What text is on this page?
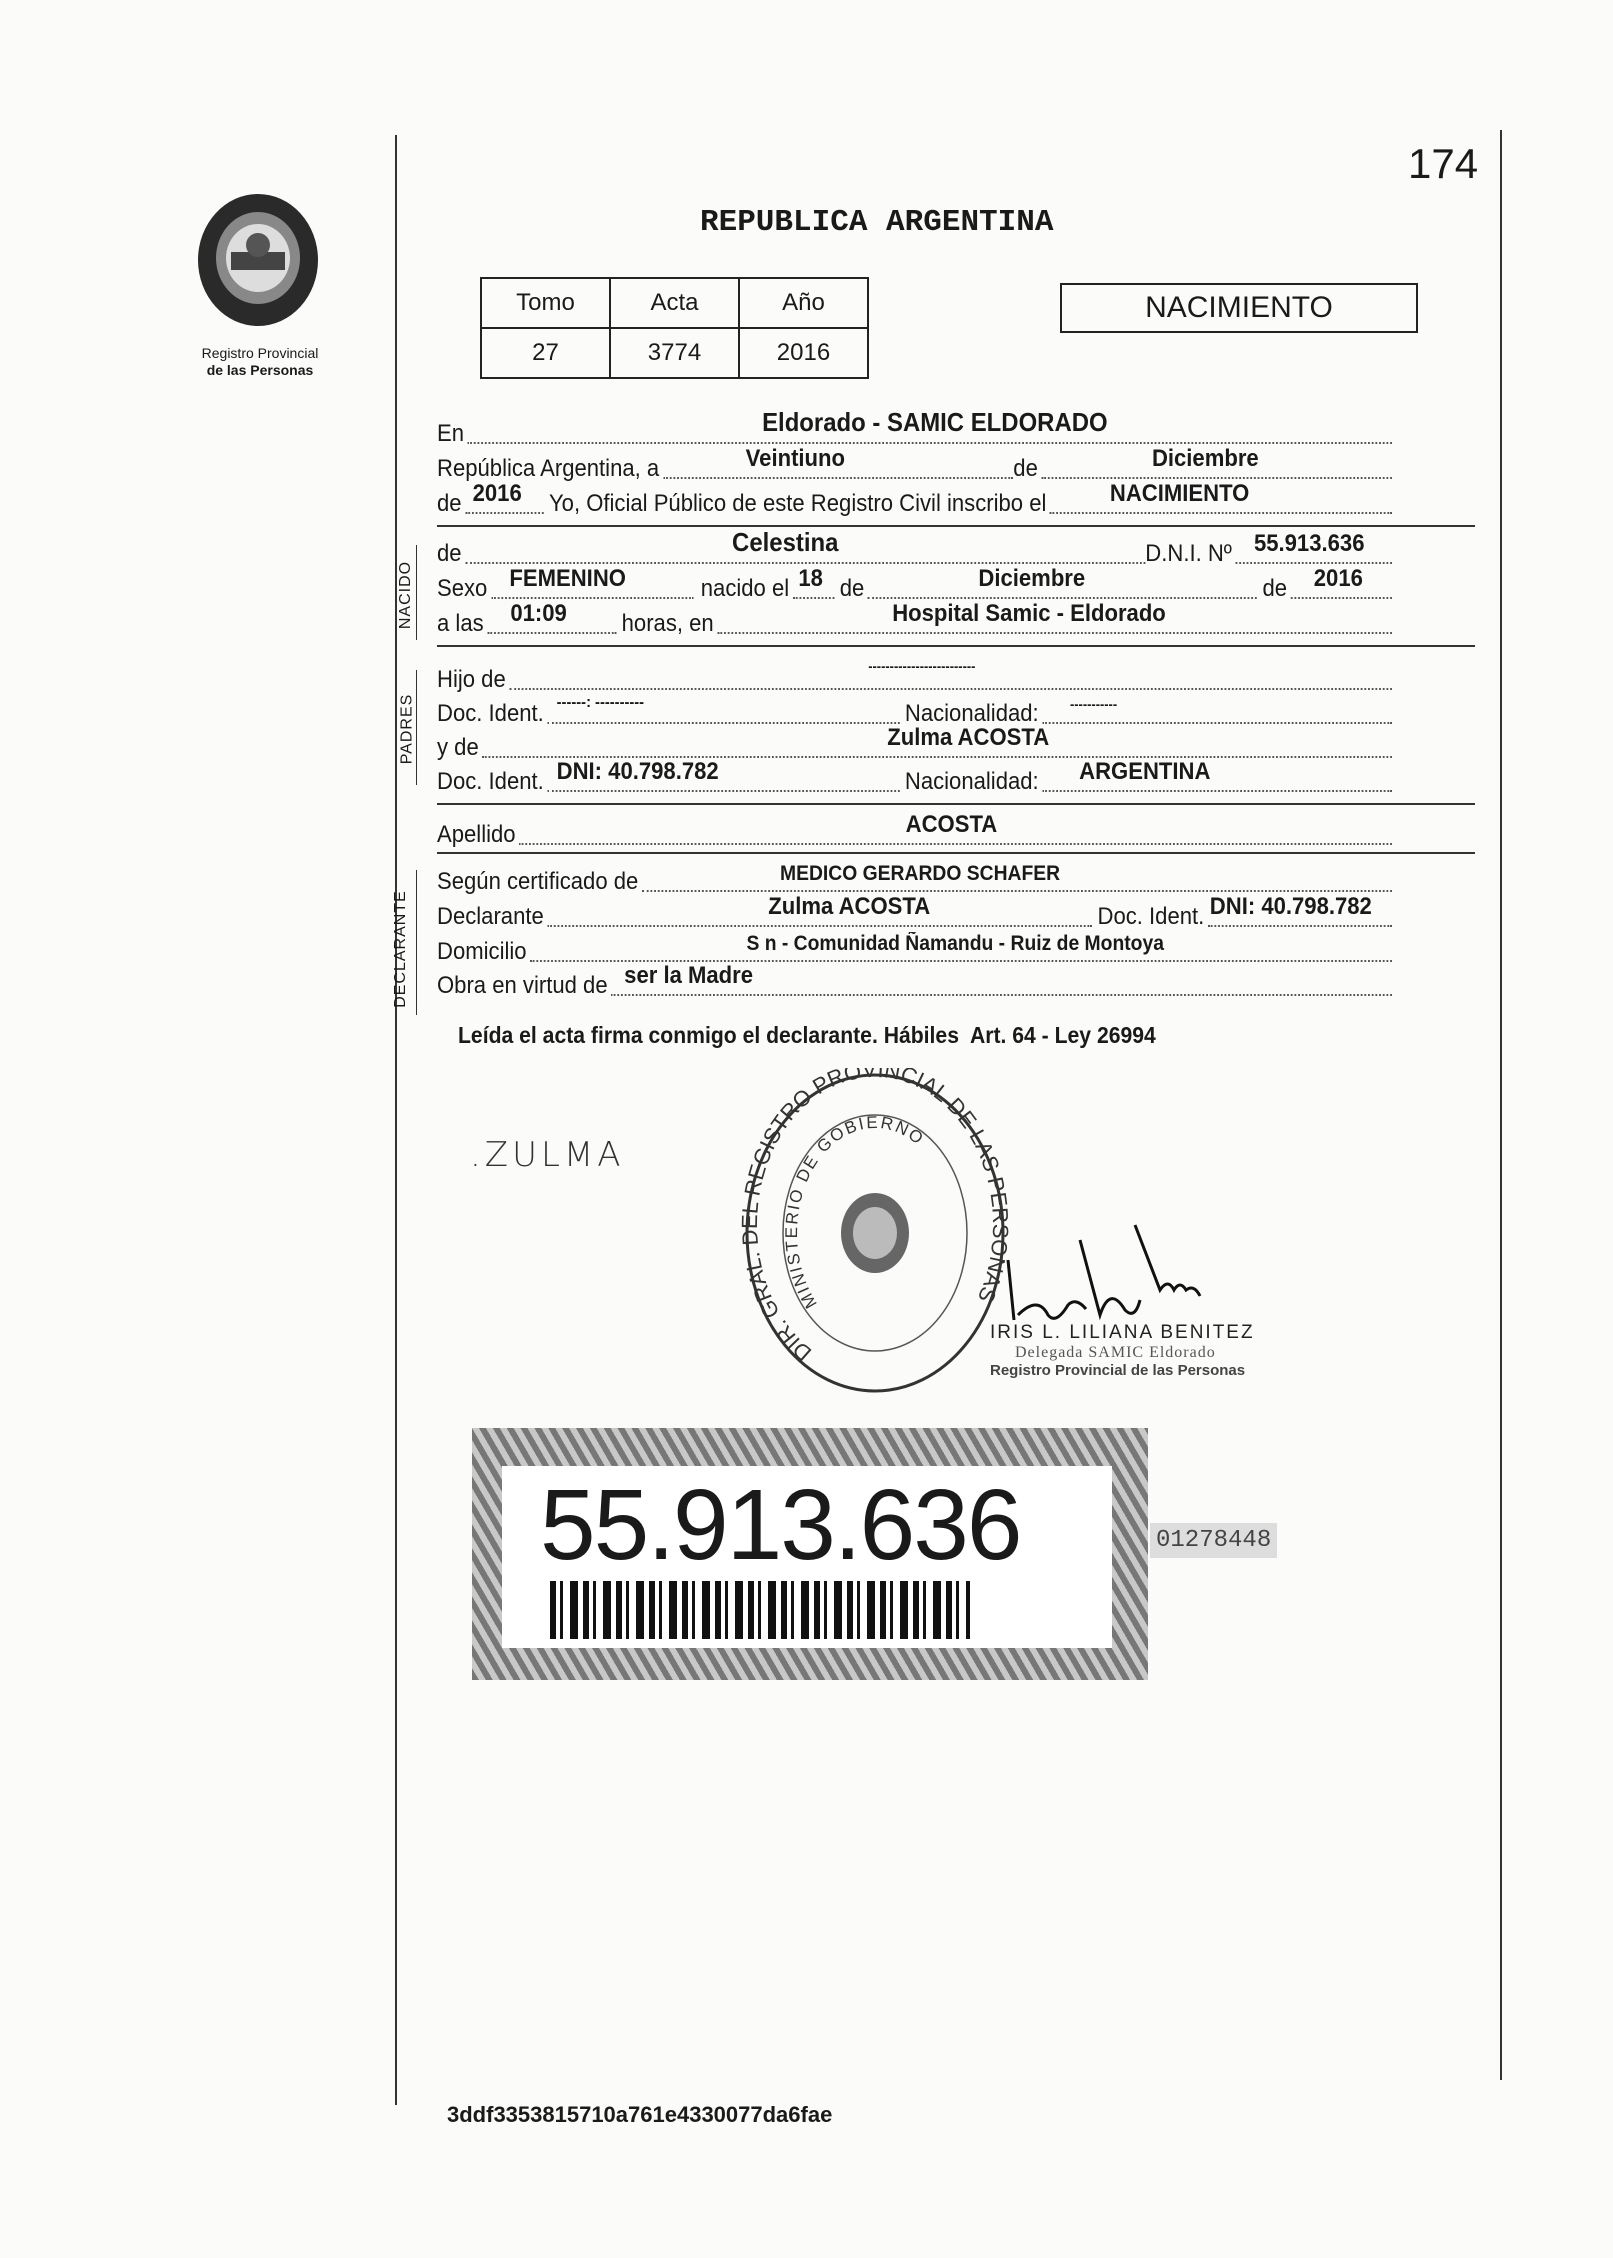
174
Registro Provincial
de las Personas
REPUBLICA ARGENTINA
Tomo	Acta	Año
27	3774	2016
NACIMIENTO
En	Eldorado - SAMIC ELDORADO
República Argentina, a	Veintiuno	de	Diciembre
de 2016 Yo, Oficial Público de este Registro Civil inscribo el	NACIMIENTO
NACIDO
de	Celestina	D.N.I. Nº 55.913.636
Sexo FEMENINO	nacido el 18 de	Diciembre	de 2016
a las 01:09 horas, en	Hospital Samic - Eldorado
PADRES
Hijo de	-------------------------
Doc. Ident. ------: ----------	Nacionalidad: -----------
y de	Zulma ACOSTA
Doc. Ident. DNI: 40.798.782	Nacionalidad: ARGENTINA
Apellido	ACOSTA
DECLARANTE
Según certificado de	MEDICO GERARDO SCHAFER
Declarante	Zulma ACOSTA	Doc. Ident. DNI: 40.798.782
Domicilio	S n - Comunidad Ñamandu - Ruiz de Montoya
Obra en virtud de ser la Madre
Leída el acta firma conmigo el declarante. Hábiles  Art. 64 - Ley 26994
.ZULMA
DIR. GRAL. REGISTRO PROVINCIAL DE LAS PE ONAS
MINISTERIO DE GOBIERNO
IRIS L. LILIANA BENITEZ
Delegada SAMIC Eldorado
Registro Provincial de las Personas
55.913.636	01278448
3ddf3353815710a761e4330077da6fae
